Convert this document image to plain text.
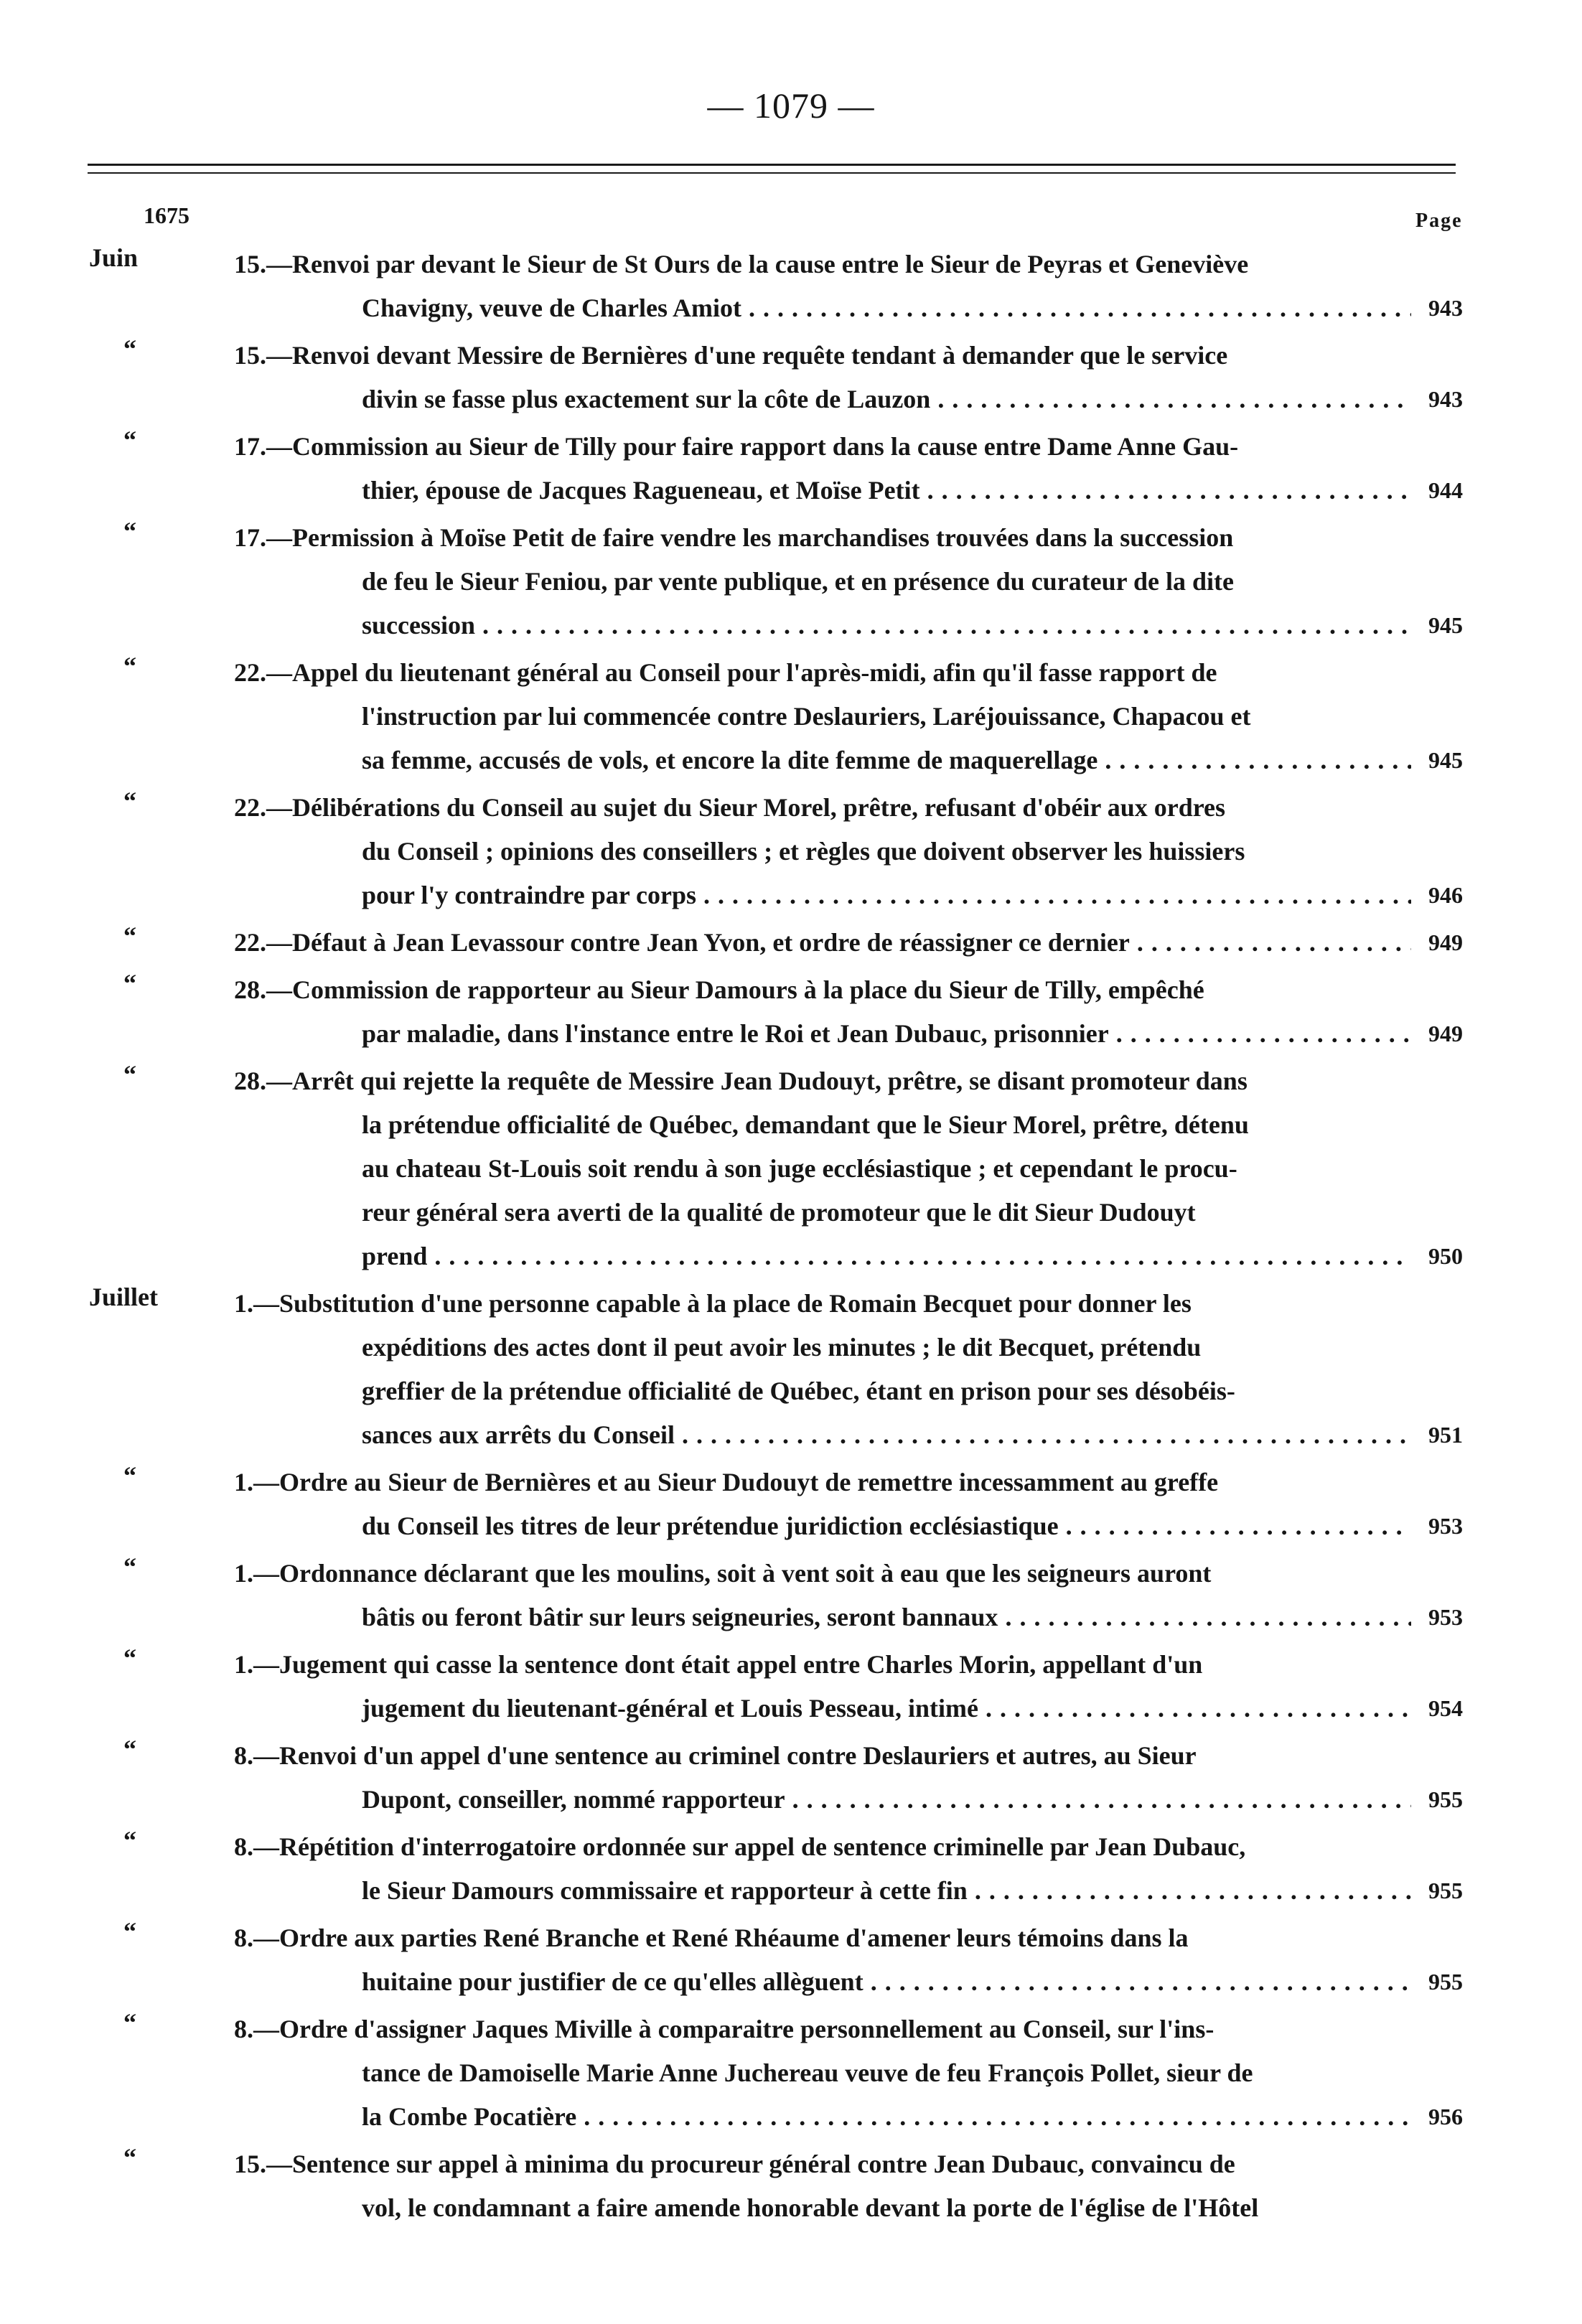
— 1079 —
1675	Page
Juin	15.—Renvoi par devant le Sieur de St Ours de la cause entre le Sieur de Peyras et Geneviève
Chavigny, veuve de Charles Amiot . . .	943
“	15.—Renvoi devant Messire de Bernières d'une requête tendant à demander que le service
divin se fasse plus exactement sur la côte de Lauzon . . .	943
“	17.—Commission au Sieur de Tilly pour faire rapport dans la cause entre Dame Anne Gau-
thier, épouse de Jacques Ragueneau, et Moïse Petit . . .	944
“	17.—Permission à Moïse Petit de faire vendre les marchandises trouvées dans la succession
de feu le Sieur Feniou, par vente publique, et en présence du curateur de la dite
succession . . .	945
“	22.—Appel du lieutenant général au Conseil pour l'après-midi, afin qu'il fasse rapport de
l'instruction par lui commencée contre Deslauriers, Laréjouissance, Chapacou et
sa femme, accusés de vols, et encore la dite femme de maquerellage . . .	945
“	22.—Délibérations du Conseil au sujet du Sieur Morel, prêtre, refusant d'obéir aux ordres
du Conseil ; opinions des conseillers ; et règles que doivent observer les huissiers
pour l'y contraindre par corps . . .	946
“	22.—Défaut à Jean Levassour contre Jean Yvon, et ordre de réassigner ce dernier . . .	949
“	28.—Commission de rapporteur au Sieur Damours à la place du Sieur de Tilly, empêché
par maladie, dans l'instance entre le Roi et Jean Dubauc, prisonnier . . .	949
“	28.—Arrêt qui rejette la requête de Messire Jean Dudouyt, prêtre, se disant promoteur dans
la prétendue officialité de Québec, demandant que le Sieur Morel, prêtre, détenu
au chateau St-Louis soit rendu à son juge ecclésiastique ; et cependant le procu-
reur général sera averti de la qualité de promoteur que le dit Sieur Dudouyt
prend . . .	950
Juillet	1.—Substitution d'une personne capable à la place de Romain Becquet pour donner les
expéditions des actes dont il peut avoir les minutes ; le dit Becquet, prétendu
greffier de la prétendue officialité de Québec, étant en prison pour ses désobéis-
sances aux arrêts du Conseil . . .	951
“	1.—Ordre au Sieur de Bernières et au Sieur Dudouyt de remettre incessamment au greffe
du Conseil les titres de leur prétendue juridiction ecclésiastique . . .	953
“	1.—Ordonnance déclarant que les moulins, soit à vent soit à eau que les seigneurs auront
bâtis ou feront bâtir sur leurs seigneuries, seront bannaux . . .	953
“	1.—Jugement qui casse la sentence dont était appel entre Charles Morin, appellant d'un
jugement du lieutenant-général et Louis Pesseau, intimé . . .	954
“	8.—Renvoi d'un appel d'une sentence au criminel contre Deslauriers et autres, au Sieur
Dupont, conseiller, nommé rapporteur . . .	955
“	8.—Répétition d'interrogatoire ordonnée sur appel de sentence criminelle par Jean Dubauc,
le Sieur Damours commissaire et rapporteur à cette fin . . .	955
“	8.—Ordre aux parties René Branche et René Rhéaume d'amener leurs témoins dans la
huitaine pour justifier de ce qu'elles allèguent . . .	955
“	8.—Ordre d'assigner Jaques Miville à comparaitre personnellement au Conseil, sur l'ins-
tance de Damoiselle Marie Anne Juchereau veuve de feu François Pollet, sieur de
la Combe Pocatière . . .	956
“	15.—Sentence sur appel à minima du procureur général contre Jean Dubauc, convaincu de
vol, le condamnant a faire amende honorable devant la porte de l'église de l'Hôtel
